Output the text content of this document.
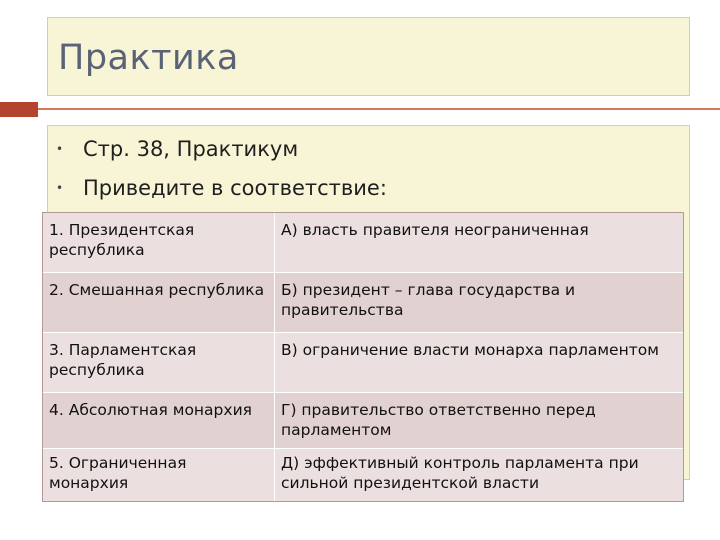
Практика
• Стр. 38, Практикум
• Приведите в соответствие:
1. Президентская республика
А) власть правителя неограниченная
2. Смешанная республика	Б) президент – глава государства и правительства
3. Парламентская республика
В) ограничение власти монарха парламентом
4. Абсолютная монархия	Г) правительство ответственно перед парламентом
5. Ограниченная монархия
Д) эффективный контроль парламента при сильной президентской власти
